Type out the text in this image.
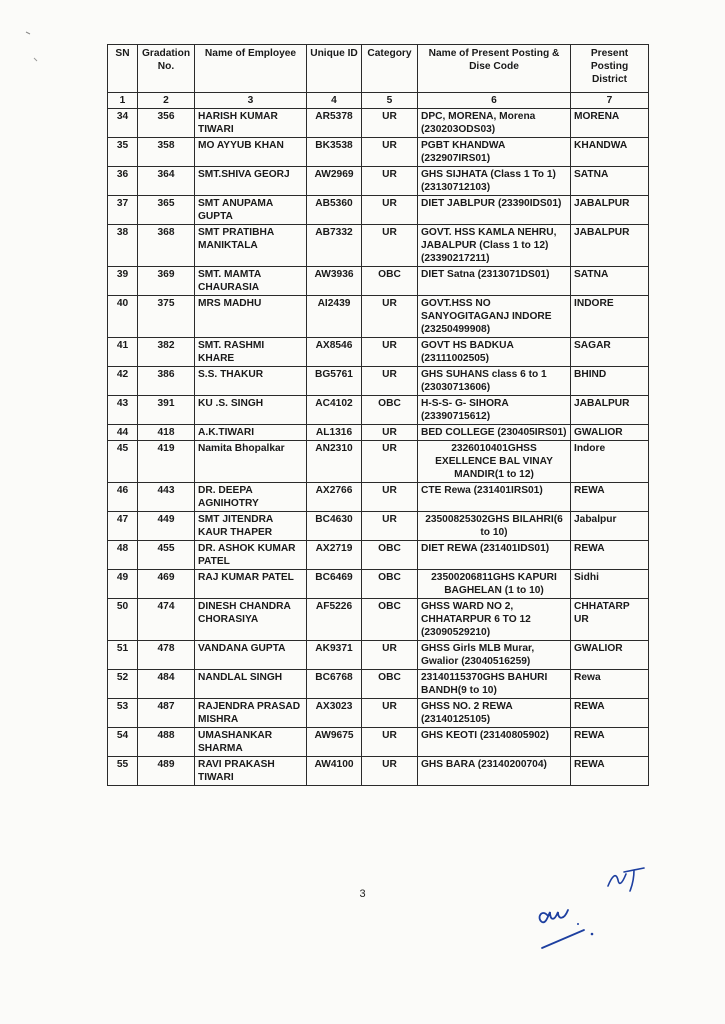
SN	Gradation No.	Name of Employee	Unique ID	Category	Name of Present Posting & Dise Code	Present Posting District
1	2	3	4	5	6	7
34	356	HARISH KUMAR TIWARI	AR5378	UR	DPC, MORENA, Morena (230203ODS03)	MORENA
35	358	MO AYYUB KHAN	BK3538	UR	PGBT KHANDWA (232907IRS01)	KHANDWA
36	364	SMT.SHIVA GEORJ	AW2969	UR	GHS SIJHATA (Class 1 To 1) (23130712103)	SATNA
37	365	SMT ANUPAMA GUPTA	AB5360	UR	DIET JABLPUR (23390IDS01)	JABALPUR
38	368	SMT PRATIBHA MANIKTALA	AB7332	UR	GOVT. HSS KAMLA NEHRU, JABALPUR (Class 1 to 12) (23390217211)	JABALPUR
39	369	SMT. MAMTA CHAURASIA	AW3936	OBC	DIET Satna (2313071DS01)	SATNA
40	375	MRS MADHU	AI2439	UR	GOVT.HSS NO SANYOGITAGANJ INDORE (23250499908)	INDORE
41	382	SMT. RASHMI KHARE	AX8546	UR	GOVT HS BADKUA (23111002505)	SAGAR
42	386	S.S. THAKUR	BG5761	UR	GHS SUHANS class 6 to 1 (23030713606)	BHIND
43	391	KU .S. SINGH	AC4102	OBC	H-S-S- G- SIHORA (23390715612)	JABALPUR
44	418	A.K.TIWARI	AL1316	UR	BED COLLEGE (230405IRS01)	GWALIOR
45	419	Namita Bhopalkar	AN2310	UR	2326010401GHSS EXELLENCE BAL VINAY MANDIR(1 to 12)	Indore
46	443	DR. DEEPA AGNIHOTRY	AX2766	UR	CTE Rewa (231401IRS01)	REWA
47	449	SMT JITENDRA KAUR THAPER	BC4630	UR	23500825302GHS BILAHRI(6 to 10)	Jabalpur
48	455	DR. ASHOK KUMAR PATEL	AX2719	OBC	DIET REWA (231401IDS01)	REWA
49	469	RAJ KUMAR PATEL	BC6469	OBC	23500206811GHS KAPURI BAGHELAN (1 to 10)	Sidhi
50	474	DINESH CHANDRA CHORASIYA	AF5226	OBC	GHSS WARD NO 2, CHHATARPUR 6 TO 12 (23090529210)	CHHATARP UR
51	478	VANDANA GUPTA	AK9371	UR	GHSS Girls MLB Murar, Gwalior (23040516259)	GWALIOR
52	484	NANDLAL SINGH	BC6768	OBC	23140115370GHS BAHURI BANDH(9 to 10)	Rewa
53	487	RAJENDRA PRASAD MISHRA	AX3023	UR	GHSS NO. 2 REWA (23140125105)	REWA
54	488	UMASHANKAR SHARMA	AW9675	UR	GHS KEOTI (23140805902)	REWA
55	489	RAVI PRAKASH TIWARI	AW4100	UR	GHS BARA (23140200704)	REWA
3
